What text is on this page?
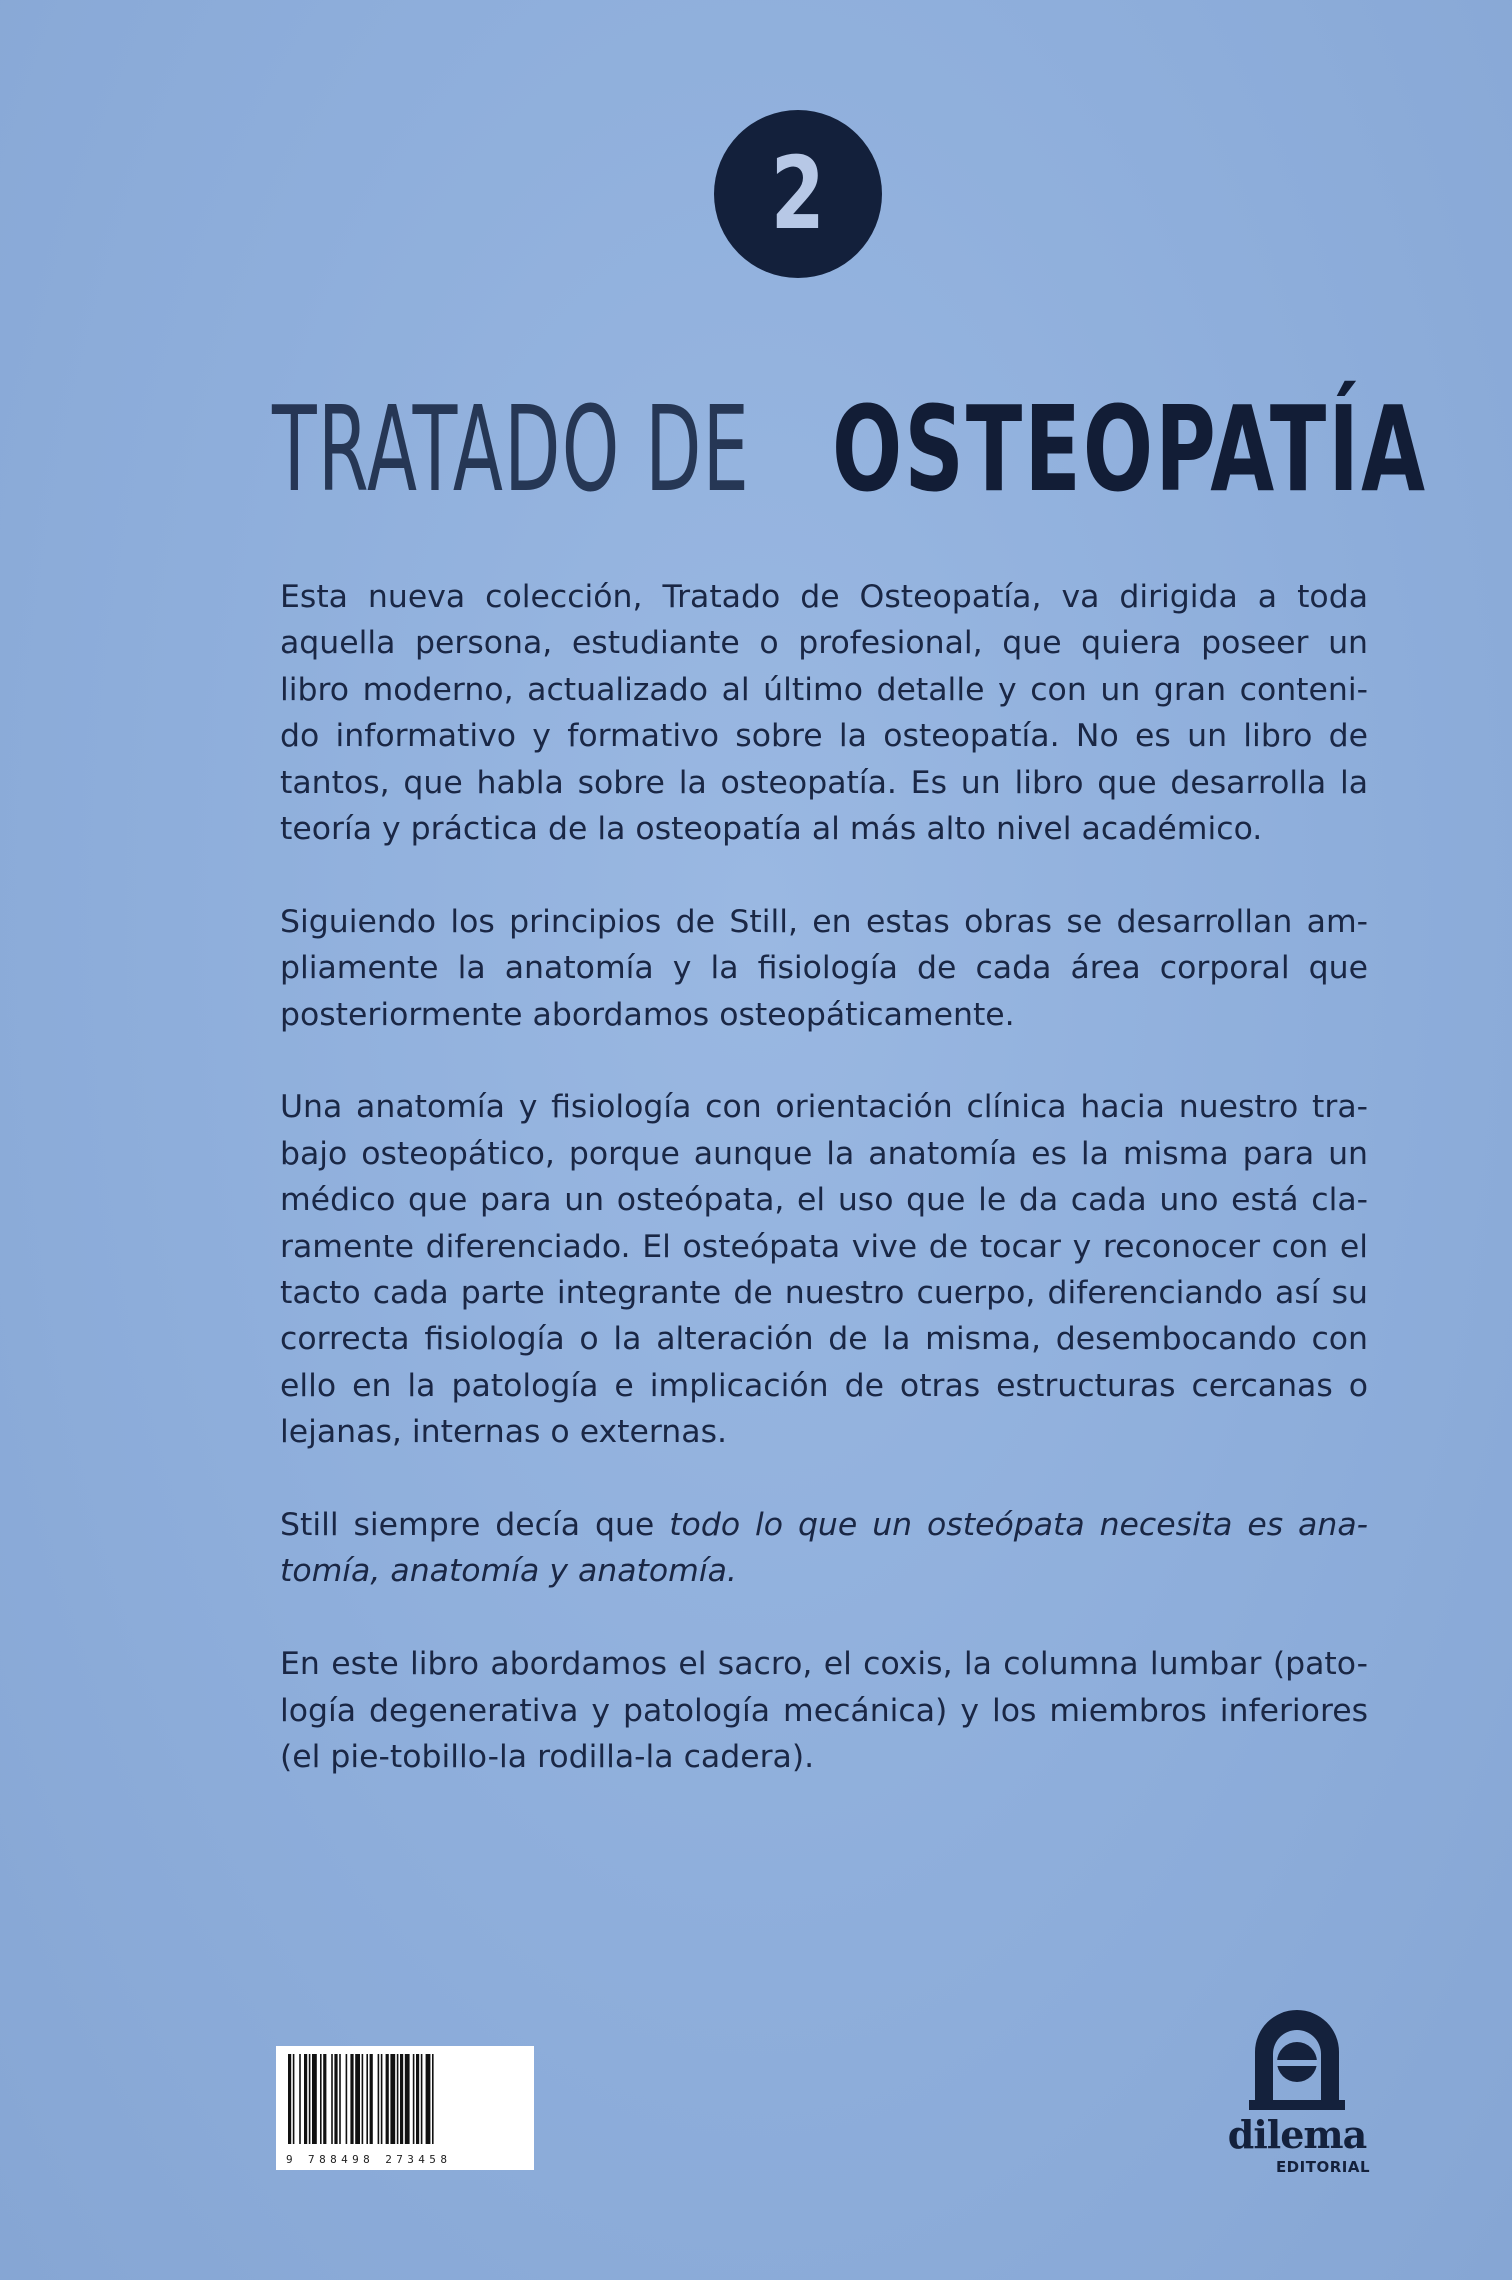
2
TRATADO DE OSTEOPATÍA

Esta nueva colección, Tratado de Osteopatía, va dirigida a toda aquella persona, estudiante o profesional, que quiera poseer un libro moderno, actualizado al último detalle y con un gran conteni-do informativo y formativo sobre la osteopatía. No es un libro de tantos, que habla sobre la osteopatía. Es un libro que desarrolla la teoría y práctica de la osteopatía al más alto nivel académico.

Siguiendo los principios de Still, en estas obras se desarrollan am-pliamente la anatomía y la fisiología de cada área corporal que posteriormente abordamos osteopáticamente.

Una anatomía y fisiología con orientación clínica hacia nuestro tra-bajo osteopático, porque aunque la anatomía es la misma para un médico que para un osteópata, el uso que le da cada uno está cla-ramente diferenciado. El osteópata vive de tocar y reconocer con el tacto cada parte integrante de nuestro cuerpo, diferenciando así su correcta fisiología o la alteración de la misma, desembocando con ello en la patología e implicación de otras estructuras cercanas o lejanas, internas o externas.

Still siempre decía que todo lo que un osteópata necesita es ana-tomía, anatomía y anatomía.

En este libro abordamos el sacro, el coxis, la columna lumbar (pato-logía degenerativa y patología mecánica) y los miembros inferiores (el pie-tobillo-la rodilla-la cadera).

9 788498 273458
dilema
EDITORIAL
